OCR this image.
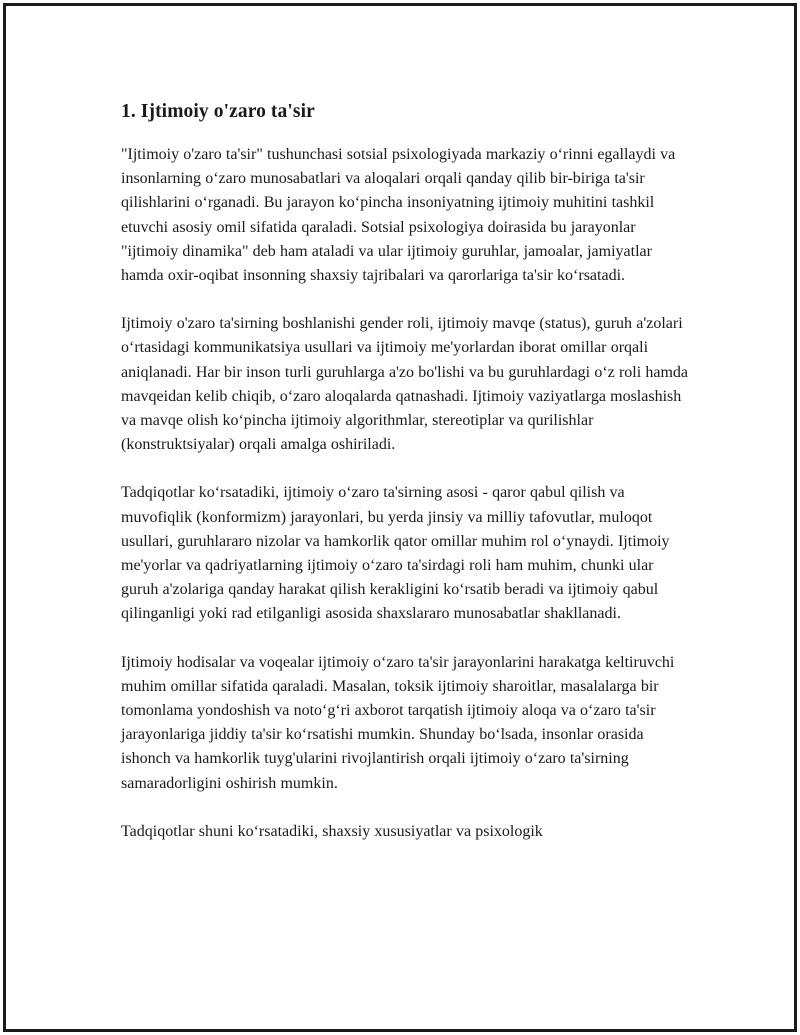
1. Ijtimoiy o'zaro ta'sir

"Ijtimoiy o'zaro ta'sir" tushunchasi sotsial psixologiyada markaziy o‘rinni egallaydi va insonlarning o‘zaro munosabatlari va aloqalari orqali qanday qilib bir-biriga ta'sir qilishlarini o‘rganadi. Bu jarayon ko‘pincha insoniyatning ijtimoiy muhitini tashkil etuvchi asosiy omil sifatida qaraladi. Sotsial psixologiya doirasida bu jarayonlar "ijtimoiy dinamika" deb ham ataladi va ular ijtimoiy guruhlar, jamoalar, jamiyatlar hamda oxir-oqibat insonning shaxsiy tajribalari va qarorlariga ta'sir ko‘rsatadi.

Ijtimoiy o'zaro ta'sirning boshlanishi gender roli, ijtimoiy mavqe (status), guruh a'zolari o‘rtasidagi kommunikatsiya usullari va ijtimoiy me'yorlardan iborat omillar orqali aniqlanadi. Har bir inson turli guruhlarga a'zo bo'lishi va bu guruhlardagi o‘z roli hamda mavqeidan kelib chiqib, o‘zaro aloqalarda qatnashadi. Ijtimoiy vaziyatlarga moslashish va mavqe olish ko‘pincha ijtimoiy algorithmlar, stereotiplar va qurilishlar (konstruktsiyalar) orqali amalga oshiriladi.

Tadqiqotlar ko‘rsatadiki, ijtimoiy o‘zaro ta'sirning asosi - qaror qabul qilish va muvofiqlik (konformizm) jarayonlari, bu yerda jinsiy va milliy tafovutlar, muloqot usullari, guruhlararo nizolar va hamkorlik qator omillar muhim rol o‘ynaydi. Ijtimoiy me'yorlar va qadriyatlarning ijtimoiy o‘zaro ta'sirdagi roli ham muhim, chunki ular guruh a'zolariga qanday harakat qilish kerakligini ko‘rsatib beradi va ijtimoiy qabul qilinganligi yoki rad etilganligi asosida shaxslararo munosabatlar shakllanadi.

Ijtimoiy hodisalar va voqealar ijtimoiy o‘zaro ta'sir jarayonlarini harakatga keltiruvchi muhim omillar sifatida qaraladi. Masalan, toksik ijtimoiy sharoitlar, masalalarga bir tomonlama yondoshish va noto‘g‘ri axborot tarqatish ijtimoiy aloqa va o‘zaro ta'sir jarayonlariga jiddiy ta'sir ko‘rsatishi mumkin. Shunday bo‘lsada, insonlar orasida ishonch va hamkorlik tuyg'ularini rivojlantirish orqali ijtimoiy o‘zaro ta'sirning samaradorligini oshirish mumkin.

Tadqiqotlar shuni ko‘rsatadiki, shaxsiy xususiyatlar va psixologik
